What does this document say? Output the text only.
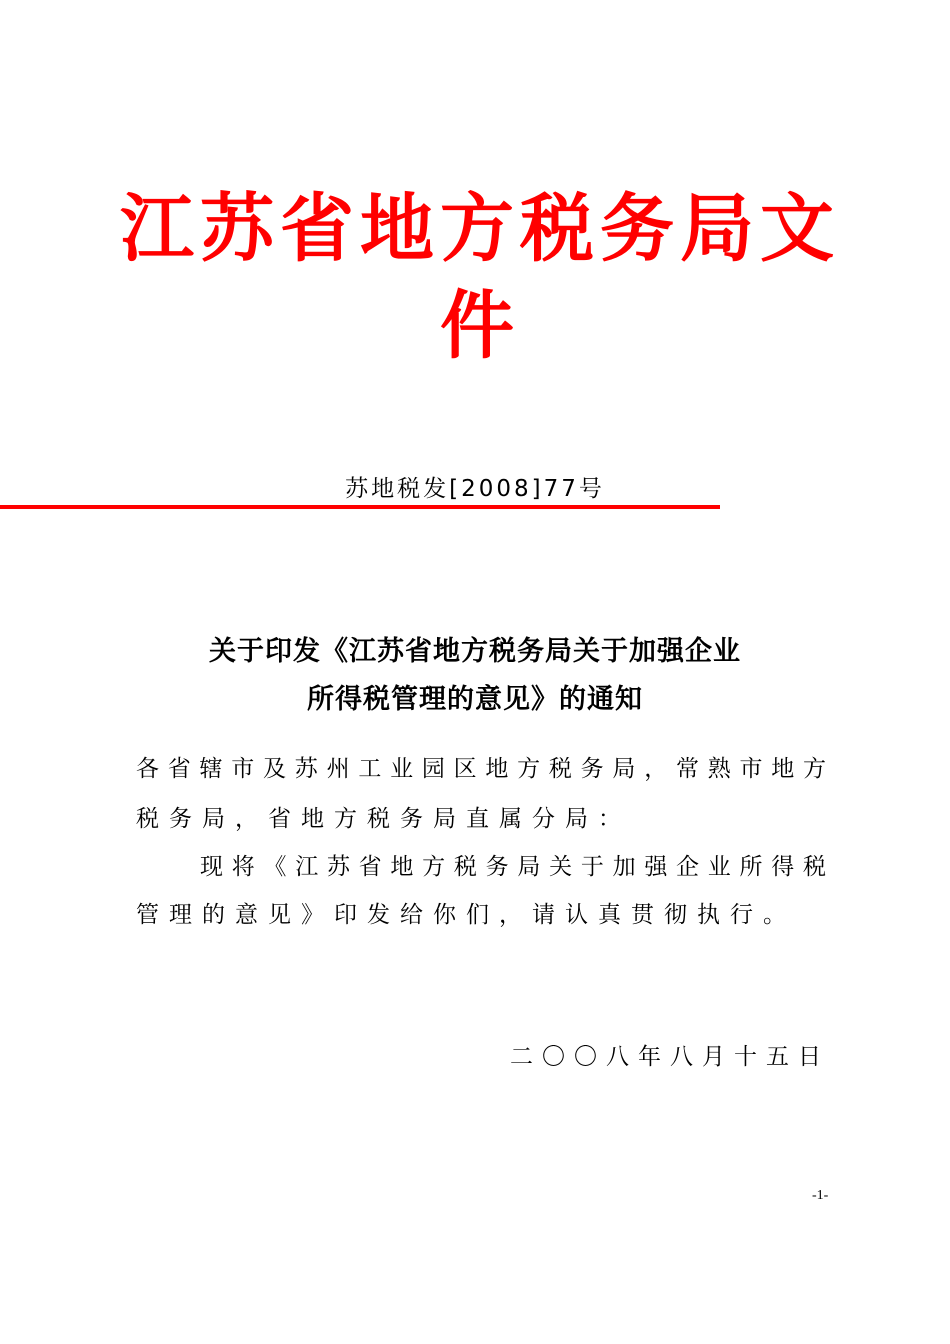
江苏省地方税务局文
件
苏地税发[2008]77号
关于印发《江苏省地方税务局关于加强企业
所得税管理的意见》的通知
各省辖市及苏州工业园区地方税务局，常熟市地方
税务局，省地方税务局直属分局：
现将《江苏省地方税务局关于加强企业所得税
管理的意见》印发给你们，请认真贯彻执行。
二〇〇八年八月十五日
-1-
